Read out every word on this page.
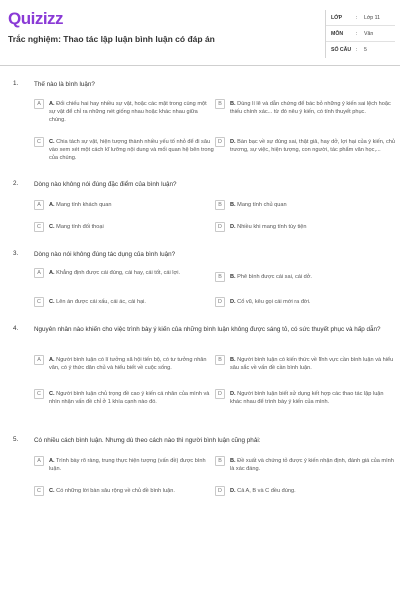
Quizizz
Trắc nghiệm: Thao tác lập luận bình luận có đáp án
LỚP	: Lớp 11
MÔN : Văn
SỐ CÂU : 5
1. Thế nào là bình luận?
A	A. Đối chiếu hai hay nhiều sự vật, hoặc các mặt trong cùng một sự vật để chỉ ra những nét giống nhau hoặc khác nhau giữa chúng.
B	B. Dùng lí lẽ và dẫn chứng để bác bỏ những ý kiến sai lệch hoặc thiếu chính xác... từ đó nêu ý kiến, có tính thuyết phục.
C	C. Chia tách sự vật, hiện tượng thành nhiều yếu tố nhỏ để đi sâu vào xem xét một cách kĩ lưỡng nội dung và mối quan hệ bên trong của chúng.
D	D. Bàn bạc về sự đúng sai, thật giả, hay dở, lợi hại của ý kiến, chủ trương, sự việc, hiện tượng, con người, tác phẩm văn học,...
2. Dòng nào không nói đúng đặc điểm của bình luận?
A	A. Mang tính khách quan	B	B. Mang tính chủ quan
C	C. Mang tính đối thoại	D	D. Nhiều khi mang tính tùy tiện
3. Dòng nào nói không đúng tác dụng của bình luận?
A	A. Khẳng định được cái đúng, cái hay, cái tốt, cái lợi.
B	B. Phê bình được cái sai, cái dở.
C	C. Lên án được cái xấu, cái ác, cái hại.	D	D. Cổ vũ, kêu gọi cái mới ra đời.
4. Nguyên nhân nào khiến cho việc trình bày ý kiến của những bình luận không được sáng tỏ, có sức thuyết phục và hấp dẫn?
A	A. Người bình luận có lí tưởng xã hội tiến bộ, có tư tưởng nhân văn, có ý thức dân chủ và hiểu biết về cuộc sống.
B	B. Người bình luận có kiến thức về lĩnh vực cần bình luận và hiểu sâu sắc về vấn đề cần bình luận.
C	C. Người bình luận chủ trọng đề cao ý kiến cá nhân của mình và nhìn nhận vấn đề chỉ ở 1 khía cạnh nào đó.
D	D. Người bình luận biết sử dụng kết hợp các thao tác lập luận khác nhau để trình bày ý kiến của mình.
5. Có nhiều cách bình luận. Nhưng dù theo cách nào thì người bình luận cũng phải:
A	A. Trình bày rõ ràng, trung thực hiện tượng (vấn đề) được bình luận.
B	B. Đề xuất và chứng tỏ được ý kiến nhận định, đánh giá của mình là xác đáng.
C	C. Có những lời bàn sâu rộng về chủ đề bình luận.	D	D. Cả A, B và C đều đúng.
